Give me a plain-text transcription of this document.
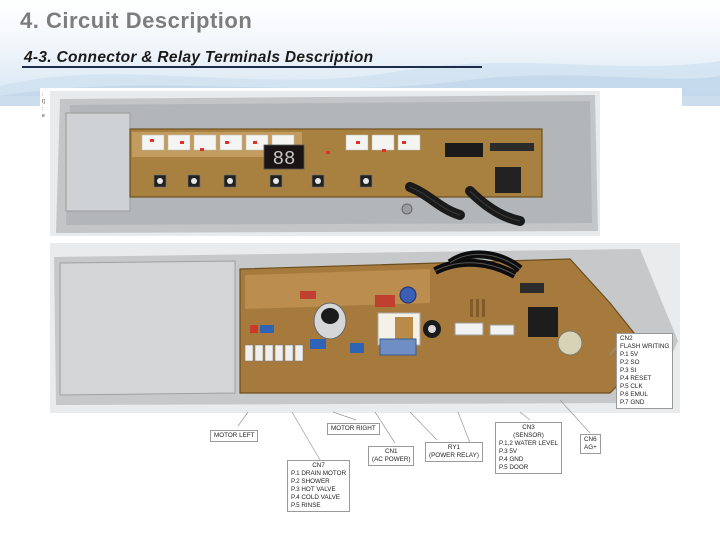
4. Circuit Description
4-3. Connector & Relay Terminals Description
:
I]
:
e
88
CN2
FLASH WRITING
P.1 5V
P.2 SO
P.3 SI
P.4 RESET
P.5 CLK
P.6 EMUL
P.7 GND
MOTOR LEFT
MOTOR RIGHT
CN1
(AC POWER)
RY1
(POWER RELAY)
CN3
(SENSOR)
P.1,2 WATER LEVEL
P.3 5V
P.4 GND
P.5 DOOR
CN6
AG+
CN7
P.1 DRAIN MOTOR
P.2 SHOWER
P.3 HOT VALVE
P.4 COLD VALVE
P.5 RINSE
